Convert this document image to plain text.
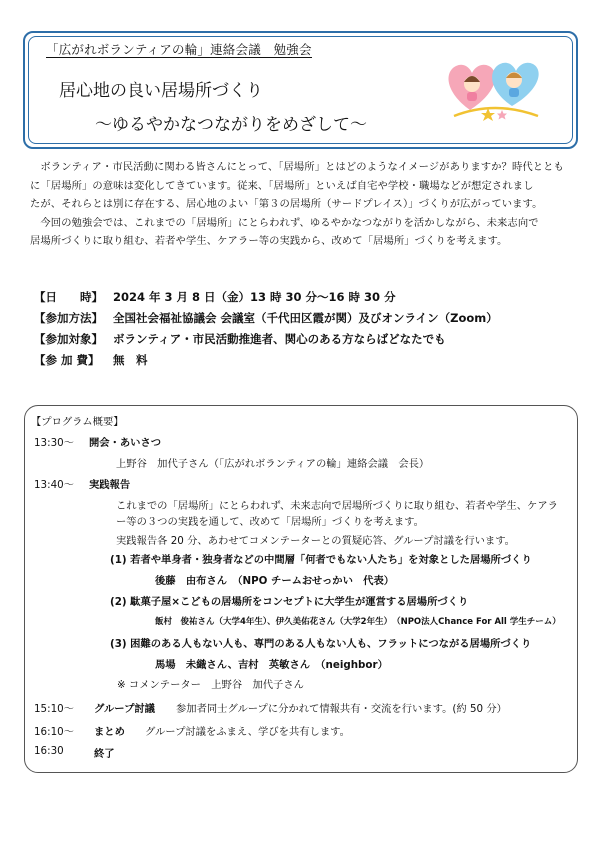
「広がれボランティアの輪」連絡会議　勉強会
居心地の良い居場所づくり
～ゆるやかなつながりをめざして～
　ボランティア・市民活動に関わる皆さんにとって、「居場所」とはどのようなイメージがありますか？時代ととも
に「居場所」の意味は変化してきています。従来、「居場所」といえば自宅や学校・職場などが想定されまし
たが、それらとは別に存在する、居心地のよい「第３の居場所（サードプレイス）」づくりが広がっています。
　今回の勉強会では、これまでの「居場所」にとらわれず、ゆるやかなつながりを活かしながら、未来志向で
居場所づくりに取り組む、若者や学生、ケアラー等の実践から、改めて「居場所」づくりを考えます。
【日　　時】 2024 年 3 月 8 日（金）13 時 30 分～16 時 30 分
【参加方法】 全国社会福祉協議会 会議室（千代田区霞が関）及びオンライン（Zoom）
【参加対象】 ボランティア・市民活動推進者、関心のある方ならばどなたでも
【参 加 費】 無　料
【プログラム概要】
13:30～ 開会・あいさつ
上野谷　加代子さん（「広がれボランティアの輪」連絡会議　会長）
13:40～ 実践報告
これまでの「居場所」にとらわれず、未来志向で居場所づくりに取り組む、若者や学生、ケアラ
ー等の３つの実践を通して、改めて「居場所」づくりを考えます。
実践報告各 20 分、あわせてコメンテーターとの質疑応答、グループ討議を行います。
(1) 若者や単身者・独身者などの中間層「何者でもない人たち」を対象とした居場所づくり
後藤　由布さん　（NPO チームおせっかい　代表）
(2) 駄菓子屋×こどもの居場所をコンセプトに大学生が運営する居場所づくり
飯村　俊祐さん（大学4年生）、伊久美佑花さん（大学2年生）　（NPO法人Chance For All 学生チーム）
(3) 困難のある人もない人も、専門のある人もない人も、フラットにつながる居場所づくり
馬場　未織さん、吉村　英敏さん　（neighbor）
※ コメンテーター　上野谷　加代子さん
15:10～ グループ討議 参加者同士グループに分かれて情報共有・交流を行います。(約 50 分）
16:10～ まとめ グループ討議をふまえ、学びを共有します。
16:30	終了
